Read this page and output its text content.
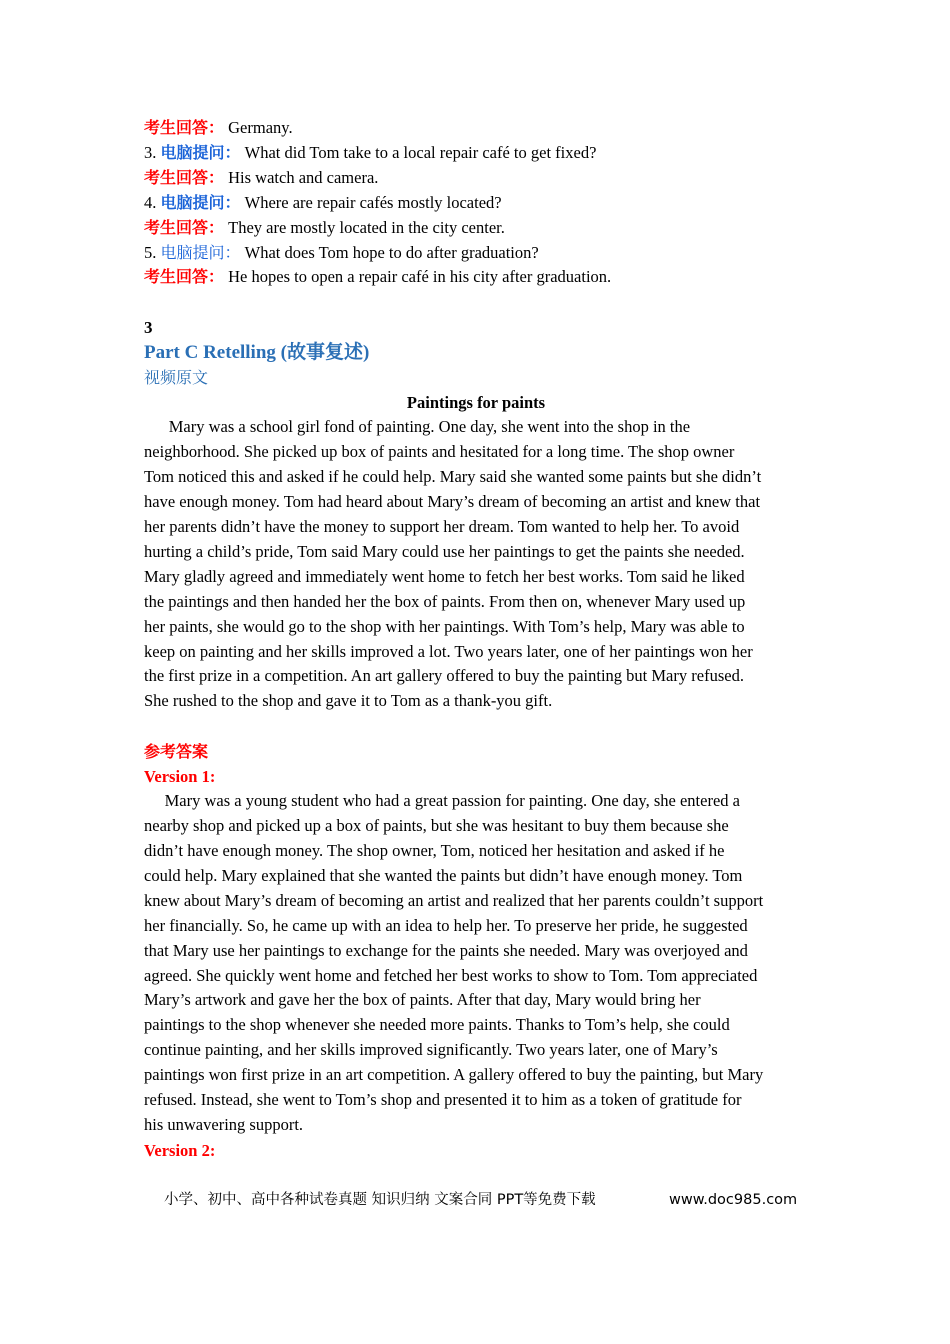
考生回答： Germany.
3. 电脑提问： What did Tom take to a local repair café to get fixed?
考生回答： His watch and camera.
4. 电脑提问： Where are repair cafés mostly located?
考生回答： They are mostly located in the city center.
5. 电脑提问： What does Tom hope to do after graduation?
考生回答： He hopes to open a repair café in his city after graduation.
3
Part C Retelling (故事复述)
视频原文
Paintings for paints

Mary was a school girl fond of painting. One day, she went into the shop in the

neighborhood. She picked up box of paints and hesitated for a long time. The shop owner

Tom noticed this and asked if he could help. Mary said she wanted some paints but she didn’t

have enough money. Tom had heard about Mary’s dream of becoming an artist and knew that

her parents didn’t have the money to support her dream. Tom wanted to help her. To avoid

hurting a child’s pride, Tom said Mary could use her paintings to get the paints she needed.

Mary gladly agreed and immediately went home to fetch her best works. Tom said he liked

the paintings and then handed her the box of paints. From then on, whenever Mary used up

her paints, she would go to the shop with her paintings. With Tom’s help, Mary was able to

keep on painting and her skills improved a lot. Two years later, one of her paintings won her

the first prize in a competition. An art gallery offered to buy the painting but Mary refused.

She rushed to the shop and gave it to Tom as a thank-you gift.

参考答案
Version 1:

Mary was a young student who had a great passion for painting. One day, she entered a

nearby shop and picked up a box of paints, but she was hesitant to buy them because she

didn’t have enough money. The shop owner, Tom, noticed her hesitation and asked if he

could help. Mary explained that she wanted the paints but didn’t have enough money. Tom

knew about Mary’s dream of becoming an artist and realized that her parents couldn’t support

her financially. So, he came up with an idea to help her. To preserve her pride, he suggested

that Mary use her paintings to exchange for the paints she needed. Mary was overjoyed and

agreed. She quickly went home and fetched her best works to show to Tom. Tom appreciated

Mary’s artwork and gave her the box of paints. After that day, Mary would bring her

paintings to the shop whenever she needed more paints. Thanks to Tom’s help, she could

continue painting, and her skills improved significantly. Two years later, one of Mary’s

paintings won first prize in an art competition. A gallery offered to buy the painting, but Mary

refused. Instead, she went to Tom’s shop and presented it to him as a token of gratitude for

his unwavering support.

Version 2:
小学、初中、高中各种试卷真题 知识归纳 文案合同 PPT等免费下载	www.doc985.com
